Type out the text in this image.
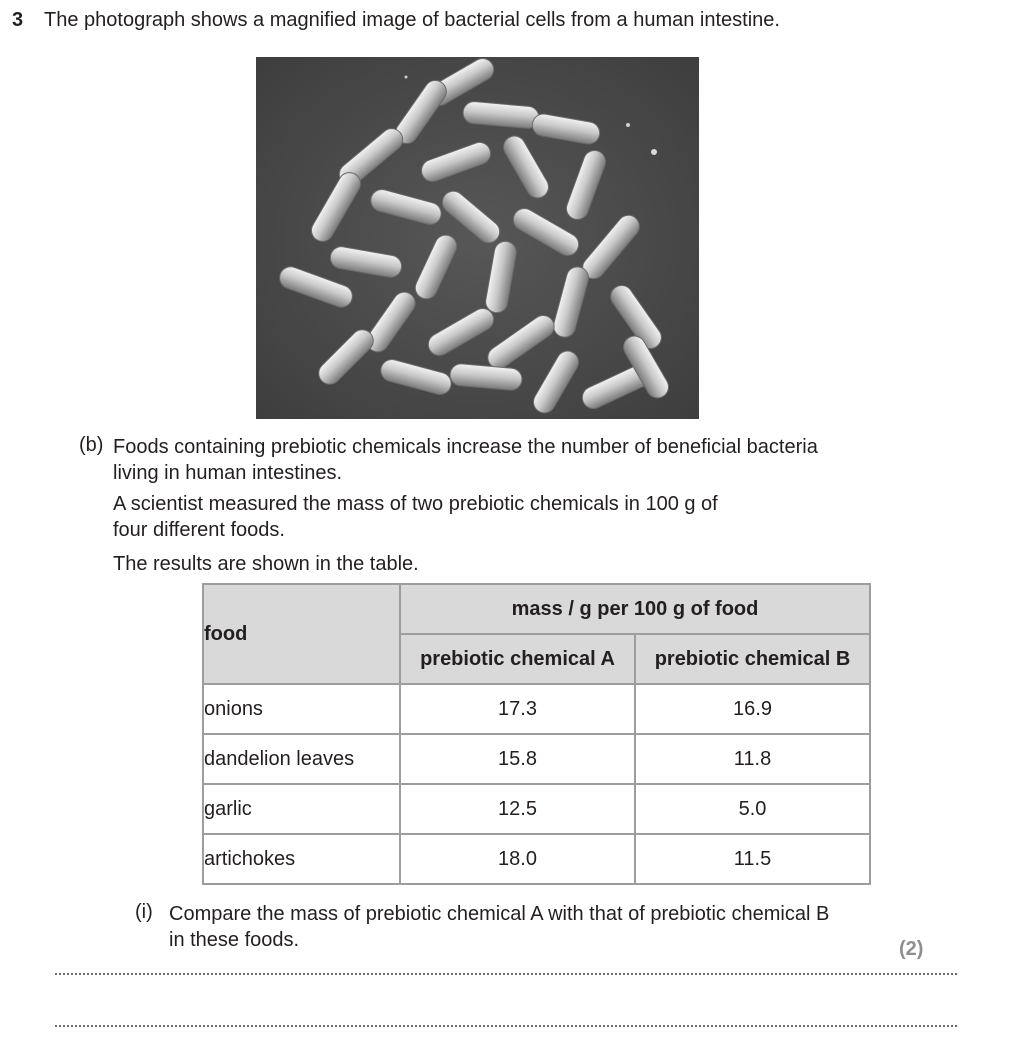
3 The photograph shows a magnified image of bacterial cells from a human intestine.
(b) Foods containing prebiotic chemicals increase the number of beneficial bacteria
living in human intestines.
A scientist measured the mass of two prebiotic chemicals in 100 g of
four different foods.
The results are shown in the table.
food	mass / g per 100 g of food	
	prebiotic chemical A	prebiotic chemical B
onions	17.3	16.9
dandelion leaves	15.8	11.8
garlic	12.5	5.0
artichokes	18.0	11.5
(i) Compare the mass of prebiotic chemical A with that of prebiotic chemical B
in these foods.	(2)
